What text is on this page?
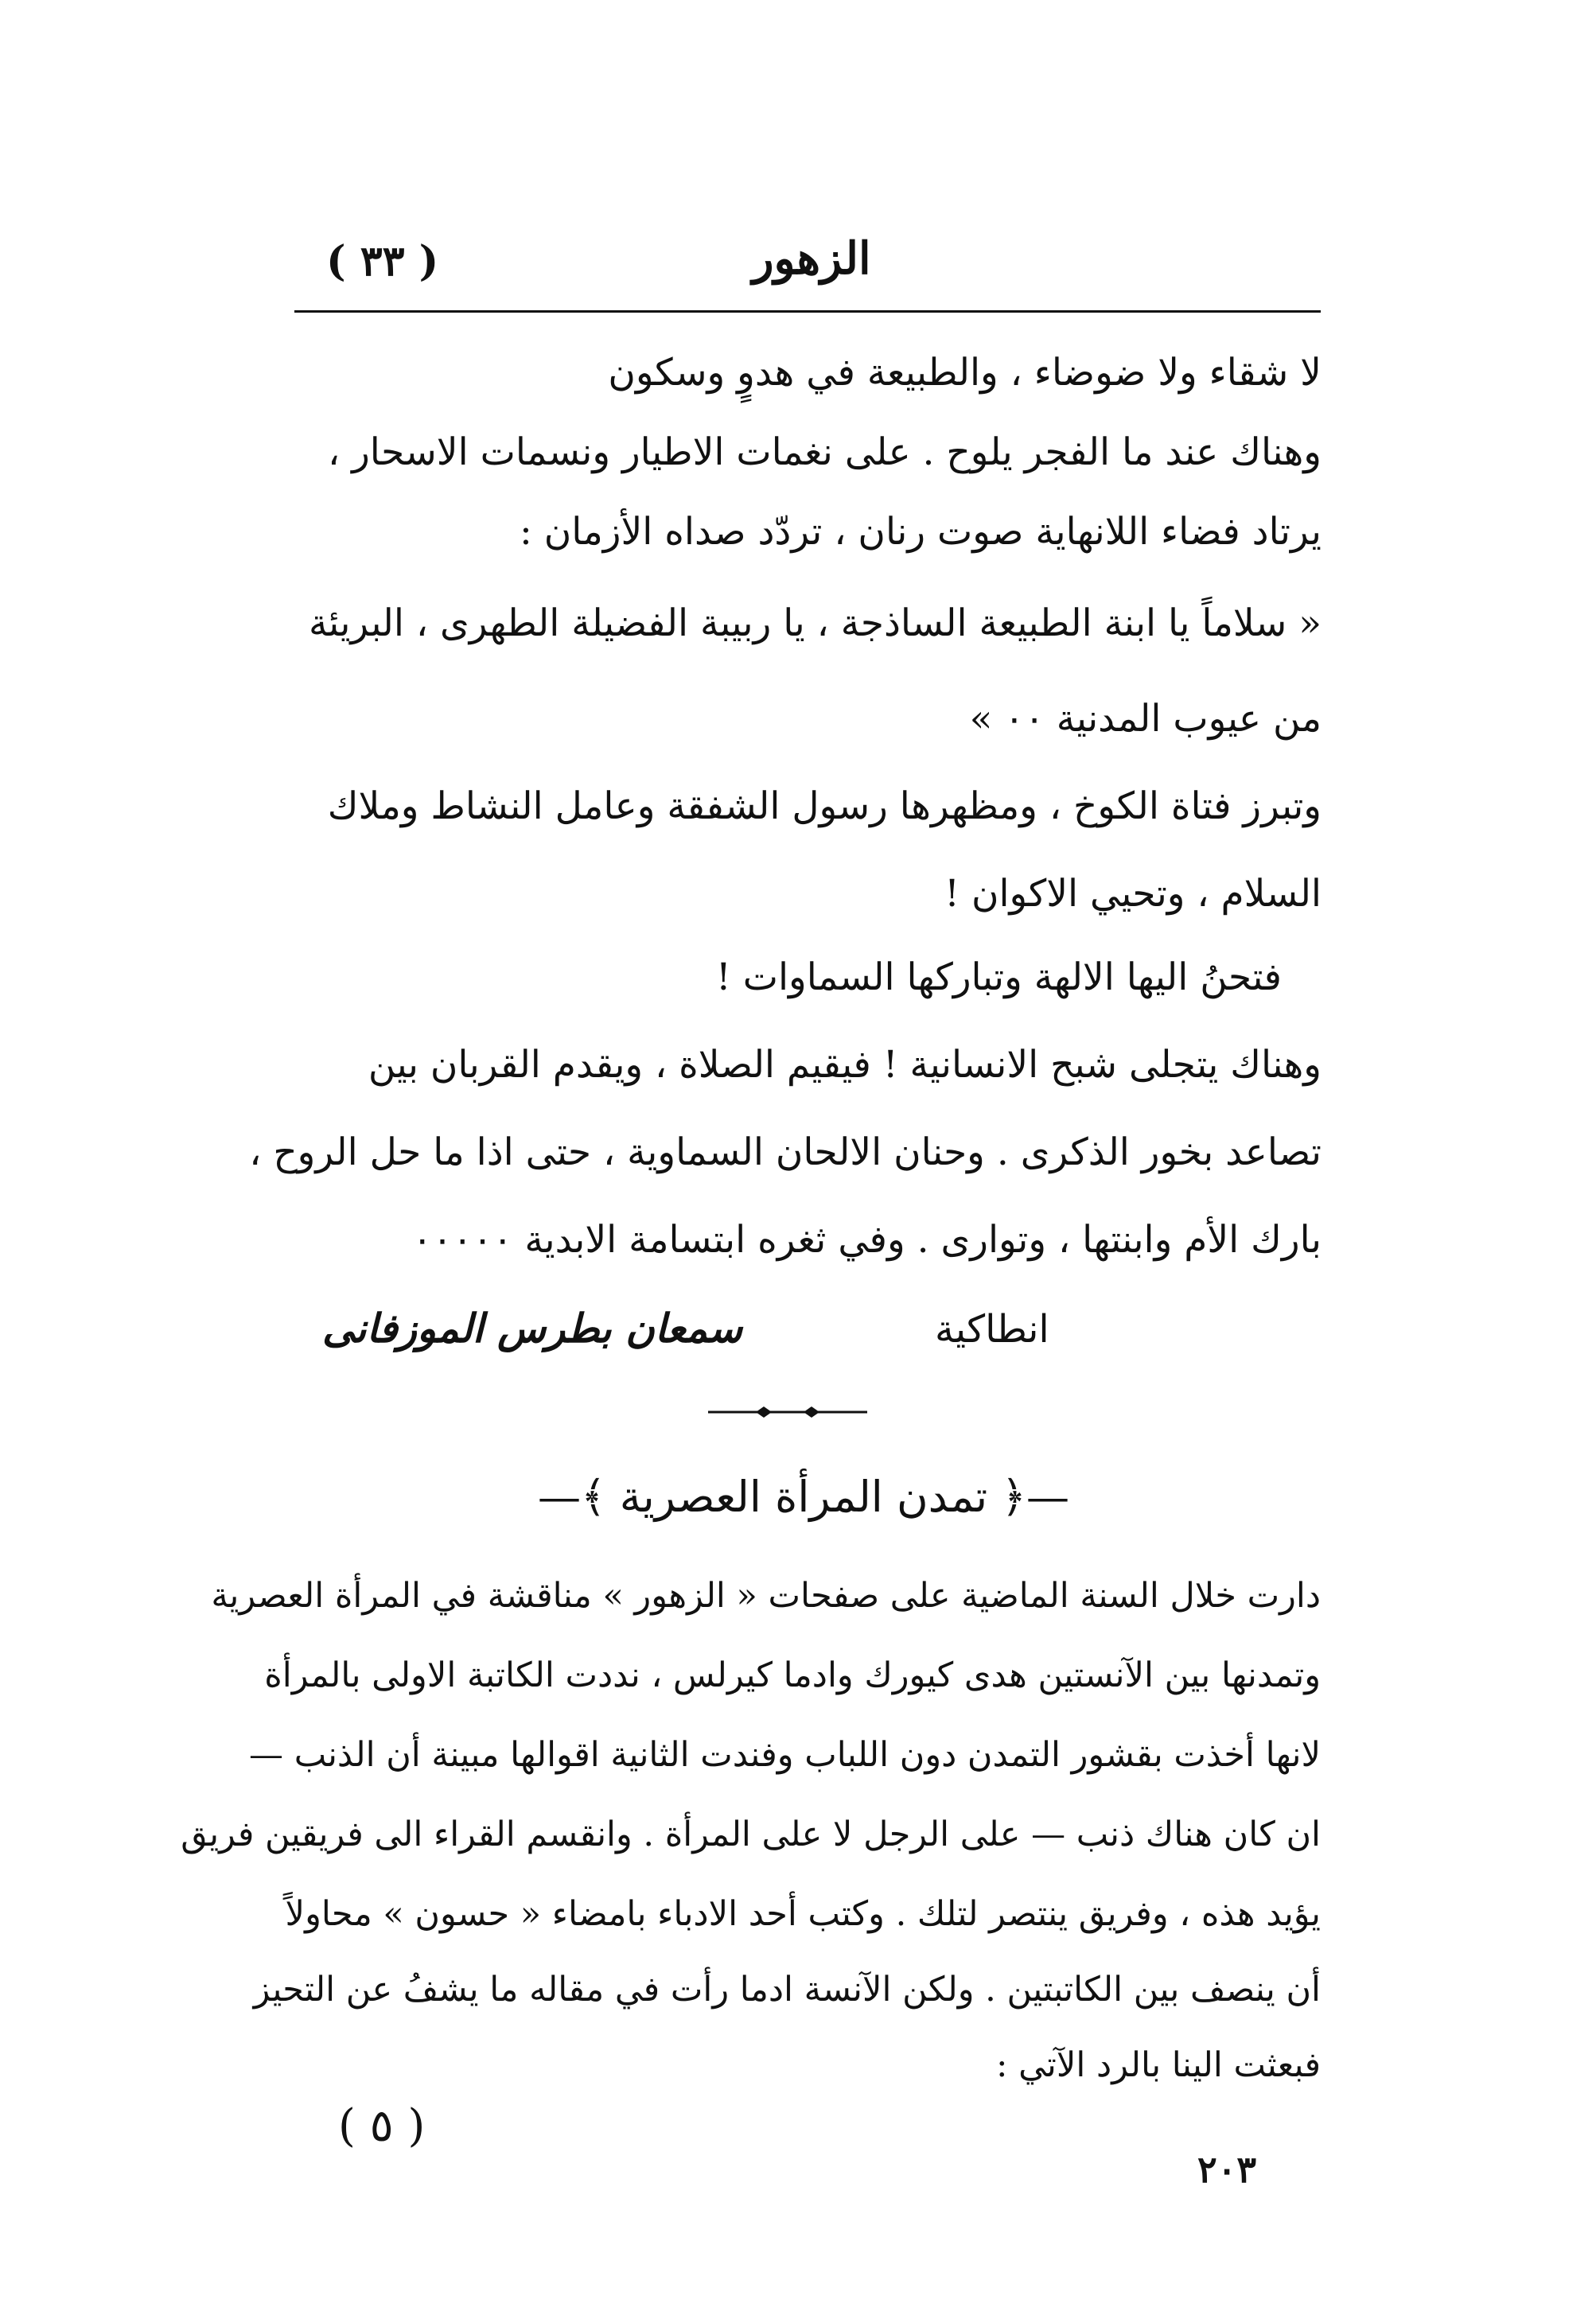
( ٣٣ )	الزهور
لا شقاء ولا ضوضاء ، والطبيعة في هدوٍ وسكون
وهناك عند ما الفجر يلوح . على نغمات الاطيار ونسمات الاسحار ،
يرتاد فضاء اللانهاية صوت رنان ، تردّد صداه الأزمان :
« سلاماً يا ابنة الطبيعة الساذجة ، يا ربيبة الفضيلة الطهرى ، البريئة
من عيوب المدنية ٠٠ »
وتبرز فتاة الكوخ ، ومظهرها رسول الشفقة وعامل النشاط وملاك
السلام ، وتحيي الاكوان !
فتحنُ اليها الالهة وتباركها السماوات !
وهناك يتجلى شبح الانسانية ! فيقيم الصلاة ، ويقدم القربان بين
تصاعد بخور الذكرى . وحنان الالحان السماوية ، حتى اذا ما حل الروح ،
بارك الأم وابنتها ، وتوارى . وفي ثغره ابتسامة الابدية ٠٠٠٠٠
انطاكية
سمعان بطرس الموزفانى
—﴿ تمدن المرأة العصرية ﴾—
دارت خلال السنة الماضية على صفحات « الزهور » مناقشة في المرأة العصرية
وتمدنها بين الآنستين هدى كيورك وادما كيرلس ، نددت الكاتبة الاولى بالمرأة
لانها أخذت بقشور التمدن دون اللباب وفندت الثانية اقوالها مبينة أن الذنب —
ان كان هناك ذنب — على الرجل لا على المرأة . وانقسم القراء الى فريقين فريق
يؤيد هذه ، وفريق ينتصر لتلك . وكتب أحد الادباء بامضاء « حسون » محاولاً
أن ينصف بين الكاتبتين . ولكن الآنسة ادما رأت في مقاله ما يشفُ عن التحيز
فبعثت الينا بالرد الآتي :
( ٥ )
٢٠٣
